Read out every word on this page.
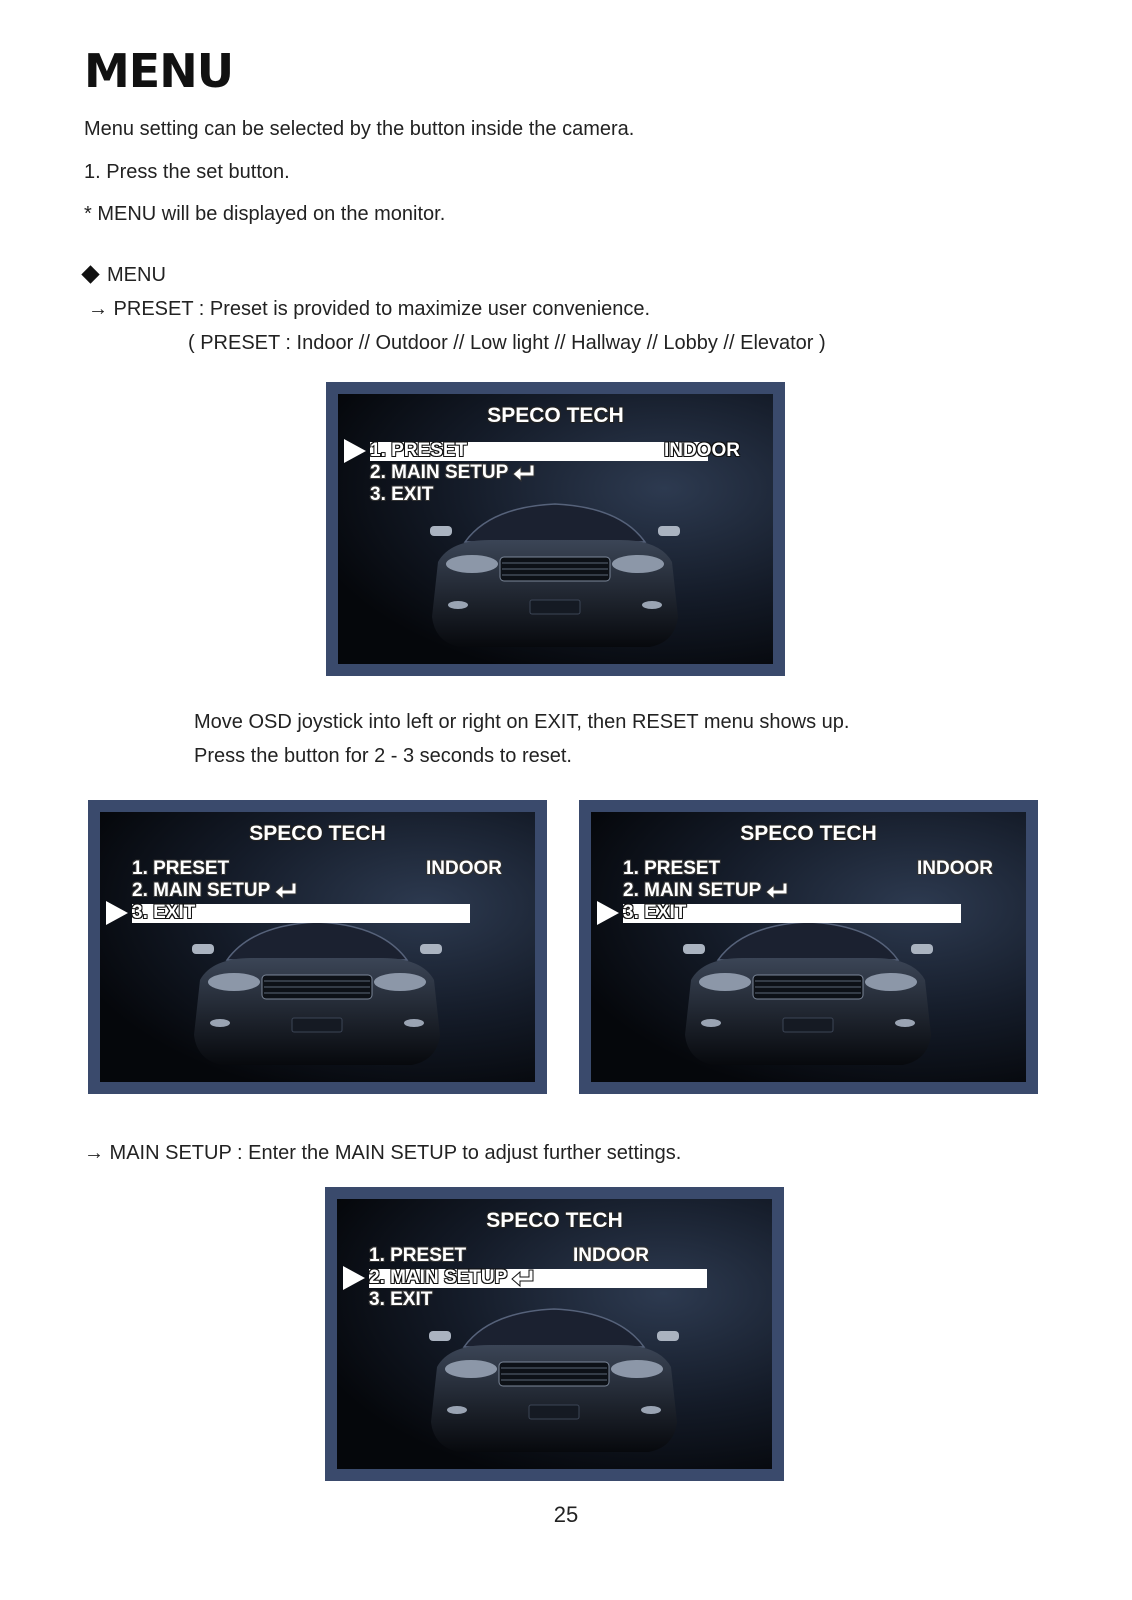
MENU
Menu setting can be selected by the button inside the camera.
1. Press the set button.
* MENU will be displayed on the monitor.
MENU
→ PRESET : Preset is provided to maximize user convenience.
( PRESET : Indoor // Outdoor // Low light // Hallway // Lobby // Elevator )
SPECO TECH
1. PRESET	INDOOR
2. MAIN SETUP
3. EXIT
Move OSD joystick into left or right on EXIT, then RESET menu shows up.
Press the button for 2 - 3 seconds to reset.
SPECO TECH
1. PRESET	INDOOR
2. MAIN SETUP
3. EXIT
SPECO TECH
1. PRESET	INDOOR
2. MAIN SETUP
3. EXIT
→ MAIN SETUP : Enter the MAIN SETUP to adjust further settings.
SPECO TECH
1. PRESET	INDOOR
2. MAIN SETUP
3. EXIT
25
